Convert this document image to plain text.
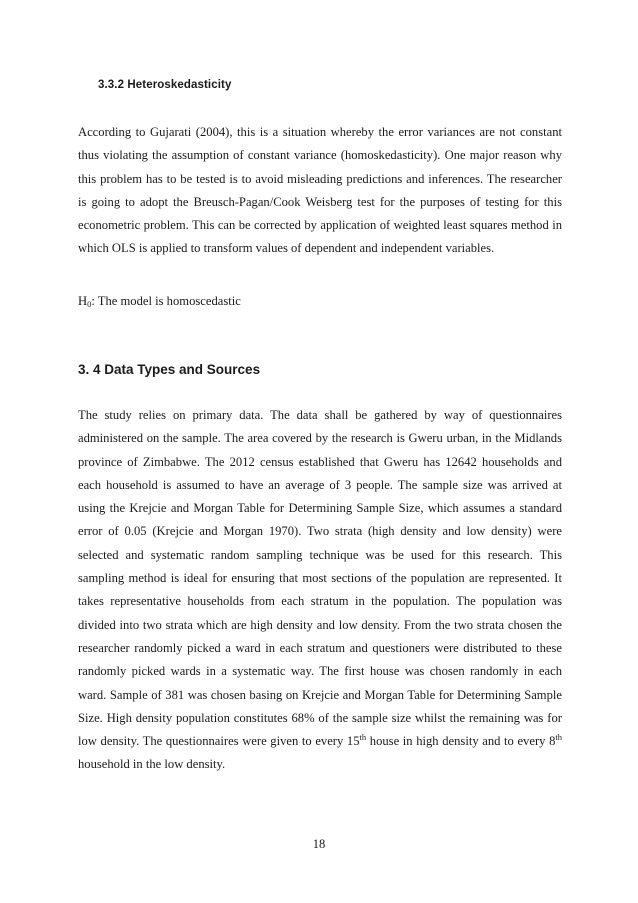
3.3.2 Heteroskedasticity

According to Gujarati (2004), this is a situation whereby the error variances are not constant thus violating the assumption of constant variance (homoskedasticity). One major reason why this problem has to be tested is to avoid misleading predictions and inferences. The researcher is going to adopt the Breusch-Pagan/Cook Weisberg test for the purposes of testing for this econometric problem. This can be corrected by application of weighted least squares method in which OLS is applied to transform values of dependent and independent variables.

$H_0$: The model is homoscedastic

3. 4 Data Types and Sources

The study relies on primary data. The data shall be gathered by way of questionnaires administered on the sample. The area covered by the research is Gweru urban, in the Midlands province of Zimbabwe. The 2012 census established that Gweru has 12642 households and each household is assumed to have an average of 3 people. The sample size was arrived at using the Krejcie and Morgan Table for Determining Sample Size, which assumes a standard error of 0.05 (Krejcie and Morgan 1970). Two strata (high density and low density) were selected and systematic random sampling technique was be used for this research. This sampling method is ideal for ensuring that most sections of the population are represented. It takes representative households from each stratum in the population. The population was divided into two strata which are high density and low density. From the two strata chosen the researcher randomly picked a ward in each stratum and questioners were distributed to these randomly picked wards in a systematic way. The first house was chosen randomly in each ward. Sample of 381 was chosen basing on Krejcie and Morgan Table for Determining Sample Size. High density population constitutes 68% of the sample size whilst the remaining was for low density. The questionnaires were given to every 15th house in high density and to every 8th household in the low density.

18
